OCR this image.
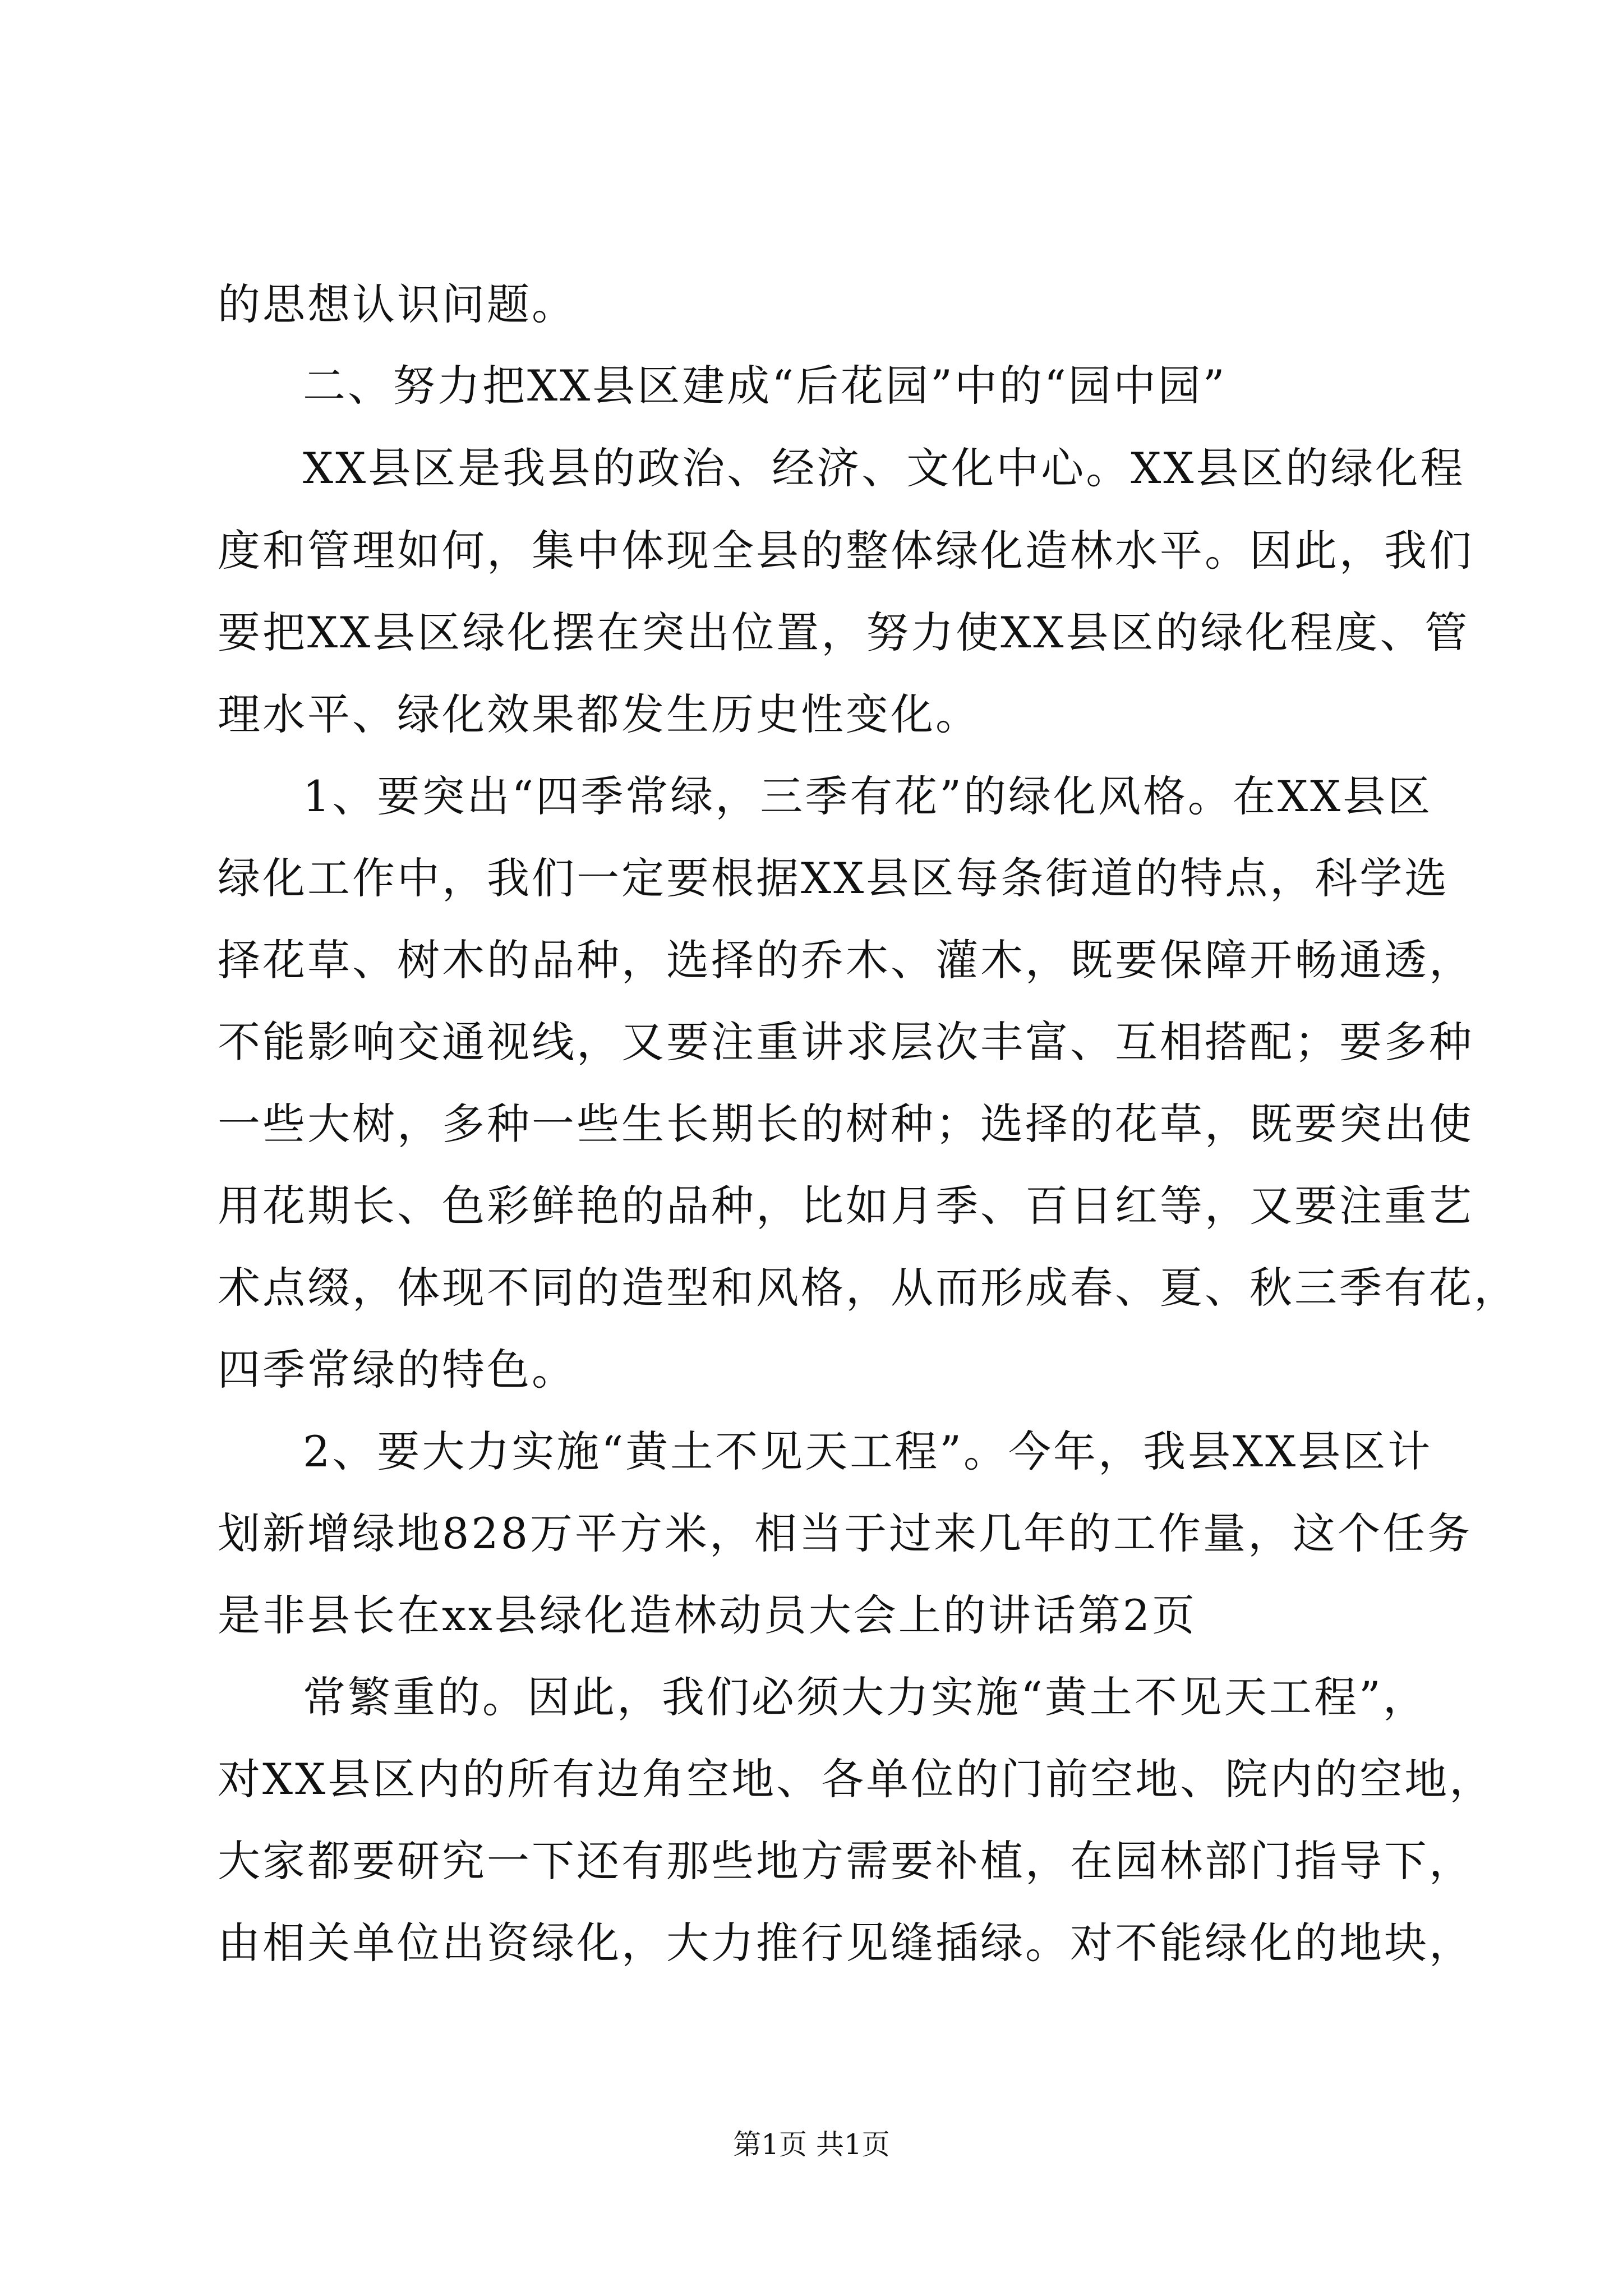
的思想认识问题。
二、努力把XX县区建成“后花园”中的“园中园”
XX县区是我县的政治、经济、文化中心。XX县区的绿化程
度和管理如何，集中体现全县的整体绿化造林水平。因此，我们
要把XX县区绿化摆在突出位置，努力使XX县区的绿化程度、管
理水平、绿化效果都发生历史性变化。
1、要突出“四季常绿，三季有花”的绿化风格。在XX县区
绿化工作中，我们一定要根据XX县区每条街道的特点，科学选
择花草、树木的品种，选择的乔木、灌木，既要保障开畅通透，
不能影响交通视线，又要注重讲求层次丰富、互相搭配；要多种
一些大树，多种一些生长期长的树种；选择的花草，既要突出使
用花期长、色彩鲜艳的品种，比如月季、百日红等，又要注重艺
术点缀，体现不同的造型和风格，从而形成春、夏、秋三季有花，
四季常绿的特色。
2、要大力实施“黄土不见天工程”。今年，我县XX县区计
划新增绿地828万平方米，相当于过来几年的工作量，这个任务
是非县长在xx县绿化造林动员大会上的讲话第2页
常繁重的。因此，我们必须大力实施“黄土不见天工程”，
对XX县区内的所有边角空地、各单位的门前空地、院内的空地，
大家都要研究一下还有那些地方需要补植，在园林部门指导下，
由相关单位出资绿化，大力推行见缝插绿。对不能绿化的地块，
第1页 共1页
